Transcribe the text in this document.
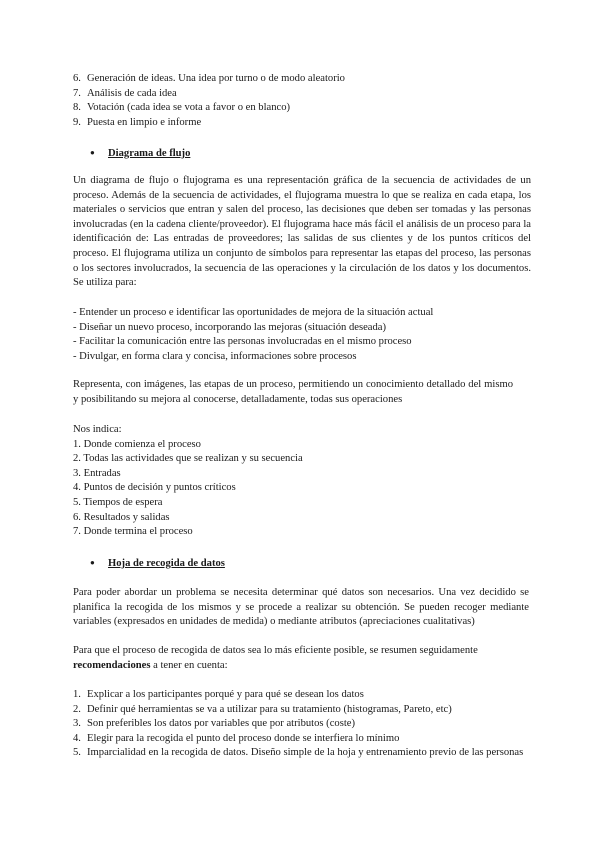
6. Generación de ideas. Una idea por turno o de modo aleatorio
7. Análisis de cada idea
8. Votación (cada idea se vota a favor o en blanco)
9. Puesta en limpio e informe
● Diagrama de flujo

Un diagrama de flujo o flujograma es una representación gráfica de la secuencia de actividades de un proceso. Además de la secuencia de actividades, el flujograma muestra lo que se realiza en cada etapa, los materiales o servicios que entran y salen del proceso, las decisiones que deben ser tomadas y las personas involucradas (en la cadena cliente/proveedor). El flujograma hace más fácil el análisis de un proceso para la identificación de: Las entradas de proveedores; las salidas de sus clientes y de los puntos críticos del proceso. El flujograma utiliza un conjunto de símbolos para representar las etapas del proceso, las personas o los sectores involucrados, la secuencia de las operaciones y la circulación de los datos y los documentos. Se utiliza para:

- Entender un proceso e identificar las oportunidades de mejora de la situación actual
- Diseñar un nuevo proceso, incorporando las mejoras (situación deseada)
- Facilitar la comunicación entre las personas involucradas en el mismo proceso
- Divulgar, en forma clara y concisa, informaciones sobre procesos

Representa, con imágenes, las etapas de un proceso, permitiendo un conocimiento detallado del mismo y posibilitando su mejora al conocerse, detalladamente, todas sus operaciones

Nos indica:
1. Donde comienza el proceso
2. Todas las actividades que se realizan y su secuencia
3. Entradas
4. Puntos de decisión y puntos críticos
5. Tiempos de espera
6. Resultados y salidas
7. Donde termina el proceso
● Hoja de recogida de datos

Para poder abordar un problema se necesita determinar qué datos son necesarios. Una vez decidido se planifica la recogida de los mismos y se procede a realizar su obtención. Se pueden recoger mediante variables (expresados en unidades de medida) o mediante atributos (apreciaciones cualitativas)

Para que el proceso de recogida de datos sea lo más eficiente posible, se resumen seguidamente
recomendaciones a tener en cuenta:

1. Explicar a los participantes porqué y para qué se desean los datos
2. Definir qué herramientas se va a utilizar para su tratamiento (histogramas, Pareto, etc)
3. Son preferibles los datos por variables que por atributos (coste)
4. Elegir para la recogida el punto del proceso donde se interfiera lo mínimo
5. Imparcialidad en la recogida de datos. Diseño simple de la hoja y entrenamiento previo de las personas
